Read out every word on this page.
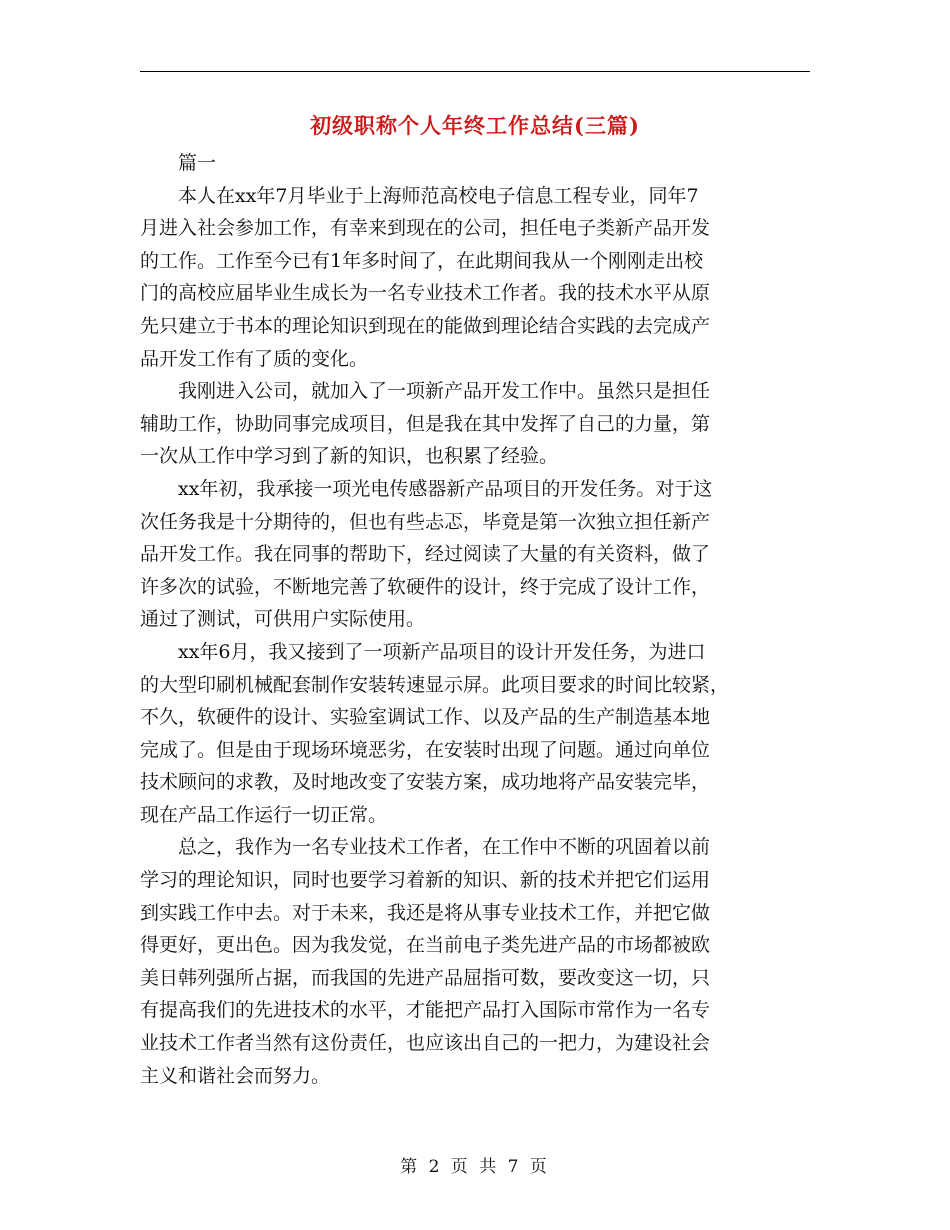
初级职称个人年终工作总结(三篇)

篇一

本人在xx年7月毕业于上海师范高校电子信息工程专业，同年7
月进入社会参加工作，有幸来到现在的公司，担任电子类新产品开发
的工作。工作至今已有1年多时间了，在此期间我从一个刚刚走出校
门的高校应届毕业生成长为一名专业技术工作者。我的技术水平从原
先只建立于书本的理论知识到现在的能做到理论结合实践的去完成产
品开发工作有了质的变化。

我刚进入公司，就加入了一项新产品开发工作中。虽然只是担任
辅助工作，协助同事完成项目，但是我在其中发挥了自己的力量，第
一次从工作中学习到了新的知识，也积累了经验。

xx年初，我承接一项光电传感器新产品项目的开发任务。对于这
次任务我是十分期待的，但也有些忐忑，毕竟是第一次独立担任新产
品开发工作。我在同事的帮助下，经过阅读了大量的有关资料，做了
许多次的试验，不断地完善了软硬件的设计，终于完成了设计工作，
通过了测试，可供用户实际使用。

xx年6月，我又接到了一项新产品项目的设计开发任务，为进口
的大型印刷机械配套制作安装转速显示屏。此项目要求的时间比较紧，
不久，软硬件的设计、实验室调试工作、以及产品的生产制造基本地
完成了。但是由于现场环境恶劣，在安装时出现了问题。通过向单位
技术顾问的求教，及时地改变了安装方案，成功地将产品安装完毕，
现在产品工作运行一切正常。

总之，我作为一名专业技术工作者，在工作中不断的巩固着以前
学习的理论知识，同时也要学习着新的知识、新的技术并把它们运用
到实践工作中去。对于未来，我还是将从事专业技术工作，并把它做
得更好，更出色。因为我发觉，在当前电子类先进产品的市场都被欧
美日韩列强所占据，而我国的先进产品屈指可数，要改变这一切，只
有提高我们的先进技术的水平，才能把产品打入国际市常作为一名专
业技术工作者当然有这份责任，也应该出自己的一把力，为建设社会
主义和谐社会而努力。

第 2 页 共 7 页
